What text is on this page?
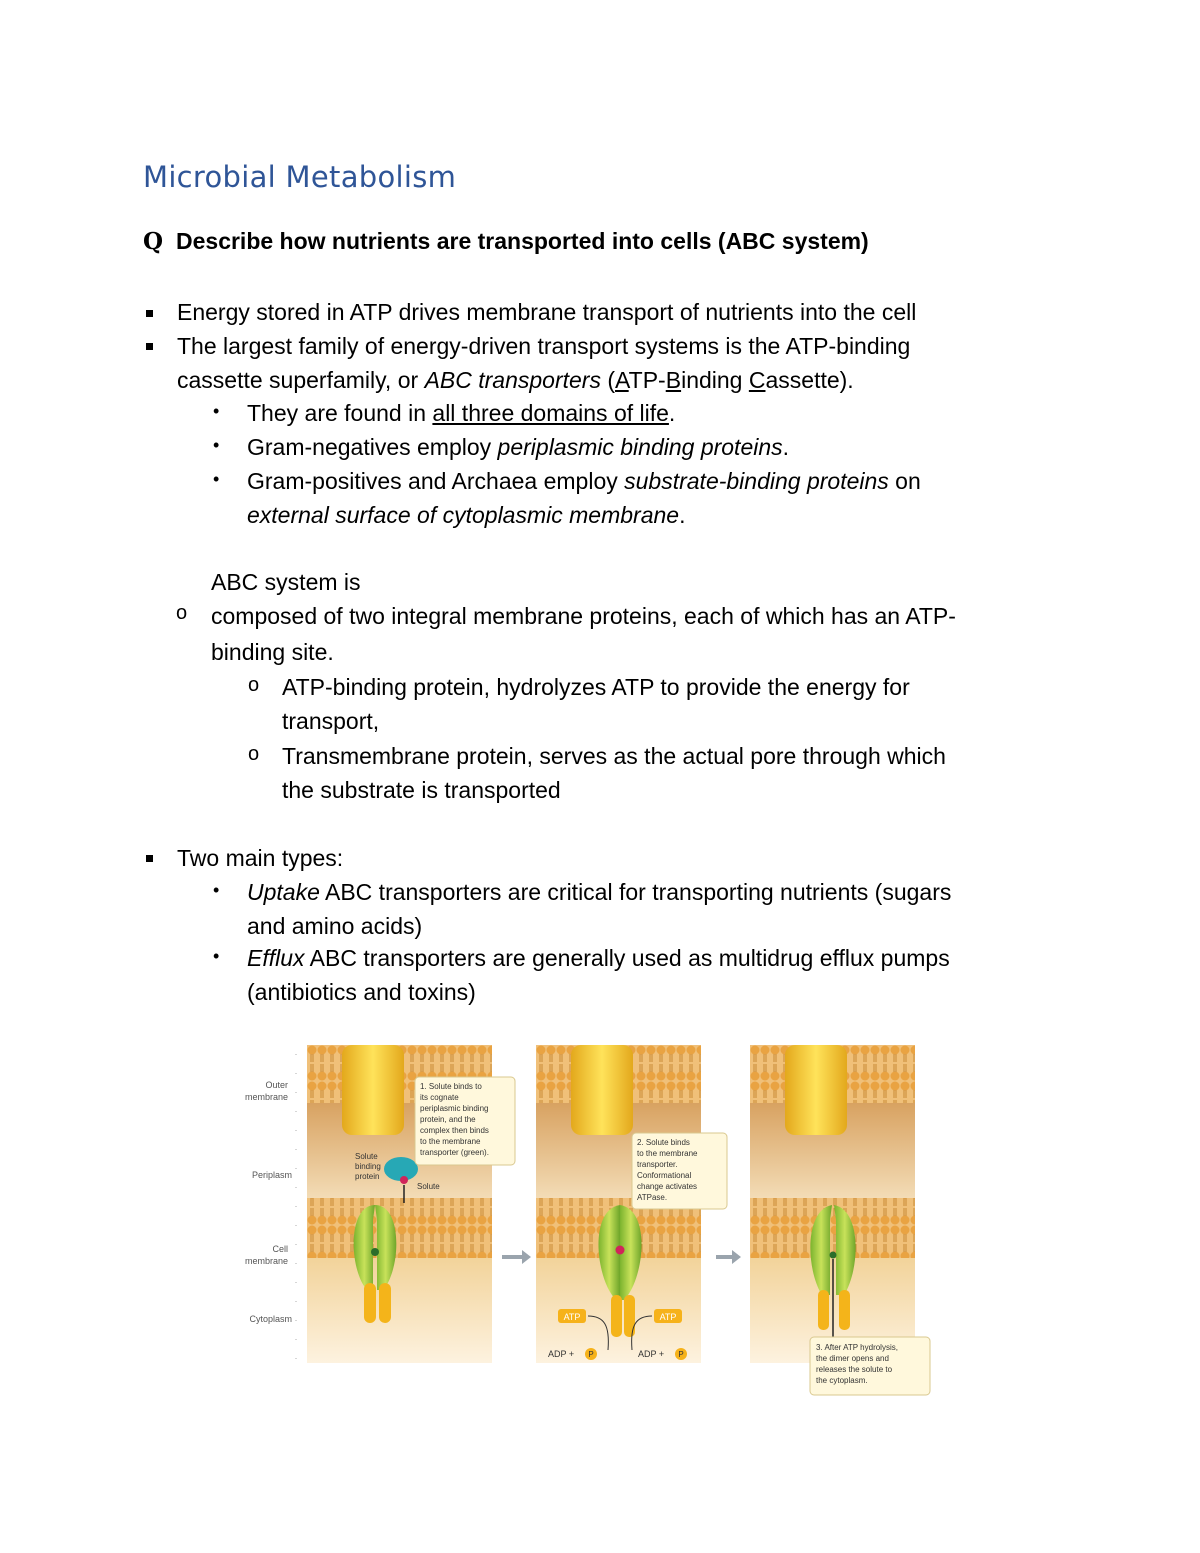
Microbial Metabolism
Q Describe how nutrients are transported into cells (ABC system)
Energy stored in ATP drives membrane transport of nutrients into the cell
The largest family of energy-driven transport systems is the ATP-binding
cassette superfamily, or ABC transporters (ATP-Binding Cassette).
• They are found in all three domains of life.
• Gram-negatives employ periplasmic binding proteins.
• Gram-positives and Archaea employ substrate-binding proteins on
external surface of cytoplasmic membrane.
ABC system is
o composed of two integral membrane proteins, each of which has an ATP-
binding site.
o ATP-binding protein, hydrolyzes ATP to provide the energy for
transport,
o Transmembrane protein, serves as the actual pore through which
the substrate is transported
Two main types:
• Uptake ABC transporters are critical for transporting nutrients (sugars
and amino acids)
• Efflux ABC transporters are generally used as multidrug efflux pumps
(antibiotics and toxins)
Outer
membrane
Periplasm
Cell
membrane
Cytoplasm
Solute
binding
protein
Solute
1. Solute binds to
its cognate
periplasmic binding
protein, and the
complex then binds
to the membrane
transporter (green).
2. Solute binds
to the membrane
transporter.
Conformational
change activates
ATPase.
ATP	ATP
ADP + P	ADP + P
3. After ATP hydrolysis,
the dimer opens and
releases the solute to
the cytoplasm.
